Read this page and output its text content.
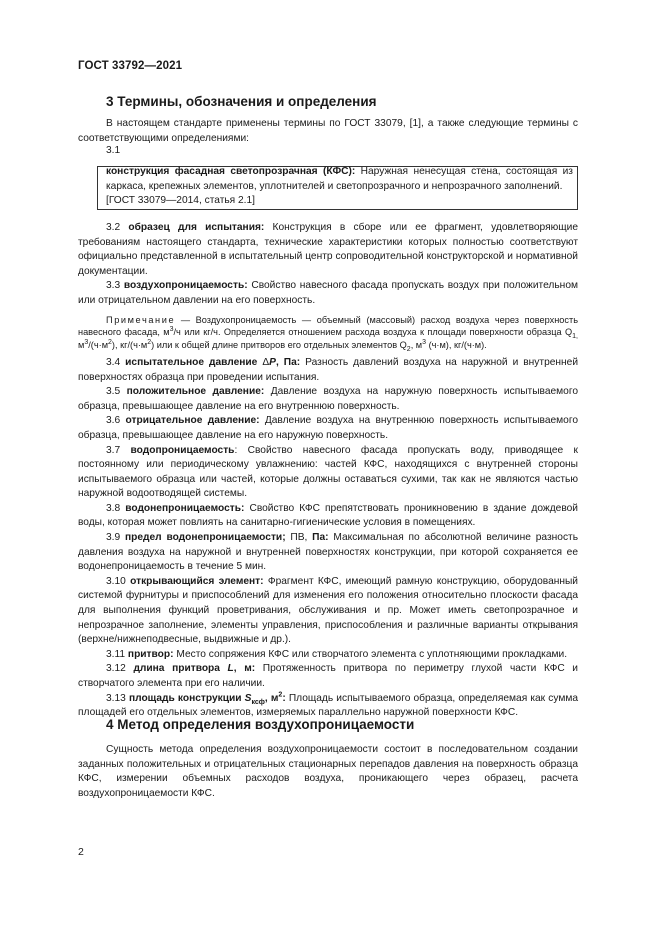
ГОСТ 33792—2021
3 Термины, обозначения и определения

В настоящем стандарте применены термины по ГОСТ 33079, [1], а также следующие термины с соответствующими определениями:

3.1

конструкция фасадная светопрозрачная (КФС): Наружная ненесущая стена, состоящая из каркаса, крепежных элементов, уплотнителей и светопрозрачного и непрозрачного заполнений.

[ГОСТ 33079—2014, статья 2.1]

3.2 образец для испытания: Конструкция в сборе или ее фрагмент, удовлетворяющие требованиям настоящего стандарта, технические характеристики которых полностью соответствуют официально представленной в испытательный центр сопроводительной конструкторской и нормативной документации.

3.3 воздухопроницаемость: Свойство навесного фасада пропускать воздух при положительном или отрицательном давлении на его поверхность.

Примечание — Воздухопроницаемость — объемный (массовый) расход воздуха через поверхность навесного фасада, $м^3/ч$ или кг/ч. Определяется отношением расхода воздуха к площади поверхности образца $Q_{1,}$ $м^3/(ч\cdot м^2)$, $кг/(ч\cdot м^2)$ или к общей длине притворов его отдельных элементов $Q_2$, $м^3$ (ч·м), кг/(ч·м).

3.4 испытательное давление ΔP, Па: Разность давлений воздуха на наружной и внутренней поверхностях образца при проведении испытания.

3.5 положительное давление: Давление воздуха на наружную поверхность испытываемого образца, превышающее давление на его внутреннюю поверхность.

3.6 отрицательное давление: Давление воздуха на внутреннюю поверхность испытываемого образца, превышающее давление на его наружную поверхность.

3.7 водопроницаемость: Свойство навесного фасада пропускать воду, приводящее к постоянному или периодическому увлажнению: частей КФС, находящихся с внутренней стороны испытываемого образца или частей, которые должны оставаться сухими, так как не являются частью наружной водоотводящей системы.

3.8 водонепроницаемость: Свойство КФС препятствовать проникновению в здание дождевой воды, которая может повлиять на санитарно-гигиенические условия в помещениях.

3.9 предел водонепроницаемости; ПВ, Па: Максимальная по абсолютной величине разность давления воздуха на наружной и внутренней поверхностях конструкции, при которой сохраняется ее водонепроницаемость в течение 5 мин.

3.10 открывающийся элемент: Фрагмент КФС, имеющий рамную конструкцию, оборудованный системой фурнитуры и приспособлений для изменения его положения относительно плоскости фасада для выполнения функций проветривания, обслуживания и пр. Может иметь светопрозрачное и непрозрачное заполнение, элементы управления, приспособления и различные варианты открывания (верхне/нижнеподвесные, выдвижные и др.).

3.11 притвор: Место сопряжения КФС или створчатого элемента с уплотняющими прокладками.

3.12 длина притвора L, м: Протяженность притвора по периметру глухой части КФС и створчатого элемента при его наличии.

3.13 площадь конструкции $S_{ксф}$, $м^2$: Площадь испытываемого образца, определяемая как сумма площадей его отдельных элементов, измеряемых параллельно наружной поверхности КФС.

4 Метод определения воздухопроницаемости

Сущность метода определения воздухопроницаемости состоит в последовательном создании заданных положительных и отрицательных стационарных перепадов давления на поверхность образца КФС, измерении объемных расходов воздуха, проникающего через образец, расчета воздухопроницаемости КФС.

2
